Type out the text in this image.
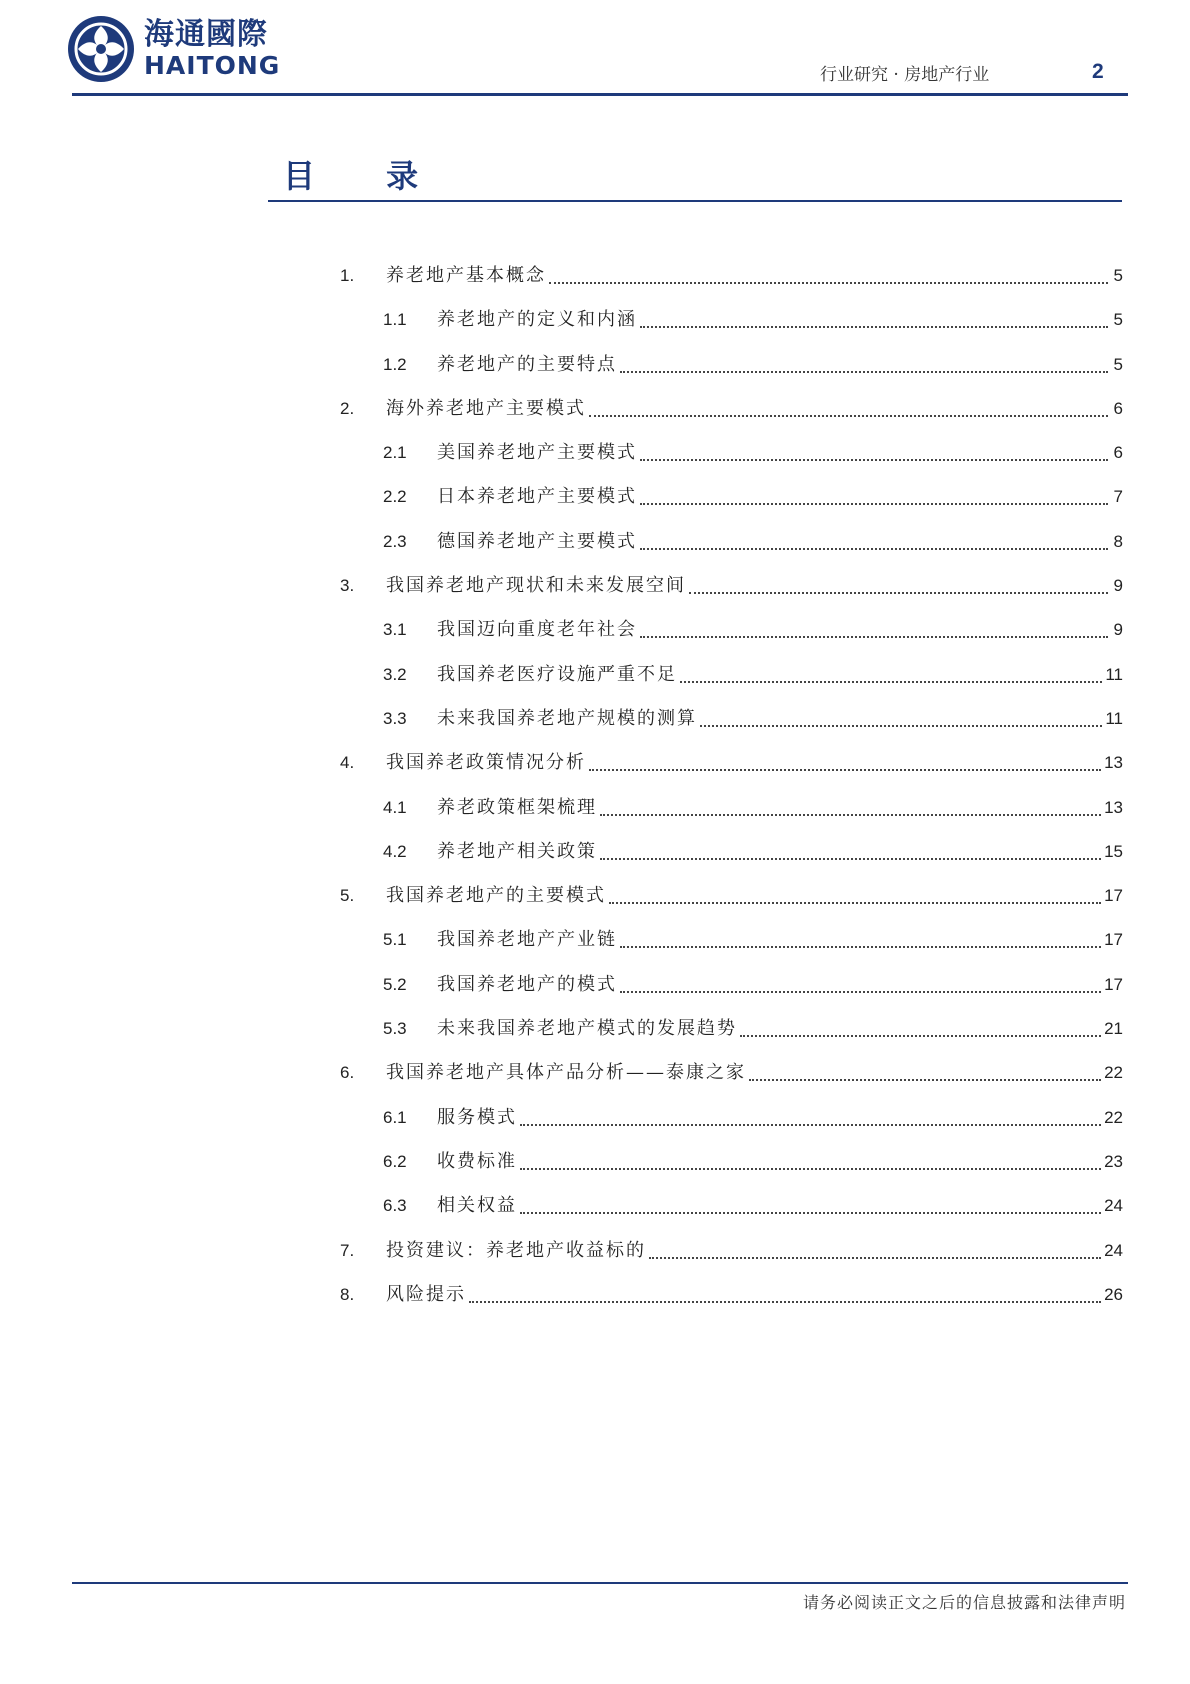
海通國際
HAITONG	行业研究 · 房地产行业	2
目 录
1.	养老地产基本概念	5
1.1	养老地产的定义和内涵	5
1.2	养老地产的主要特点	5
2.	海外养老地产主要模式	6
2.1	美国养老地产主要模式	6
2.2	日本养老地产主要模式	7
2.3	德国养老地产主要模式	8
3.	我国养老地产现状和未来发展空间	9
3.1	我国迈向重度老年社会	9
3.2	我国养老医疗设施严重不足	11
3.3	未来我国养老地产规模的测算	11
4.	我国养老政策情况分析	13
4.1	养老政策框架梳理	13
4.2	养老地产相关政策	15
5.	我国养老地产的主要模式	17
5.1	我国养老地产产业链	17
5.2	我国养老地产的模式	17
5.3	未来我国养老地产模式的发展趋势	21
6.	我国养老地产具体产品分析——泰康之家	22
6.1	服务模式	22
6.2	收费标准	23
6.3	相关权益	24
7.	投资建议：养老地产收益标的	24
8.	风险提示	26
请务必阅读正文之后的信息披露和法律声明
